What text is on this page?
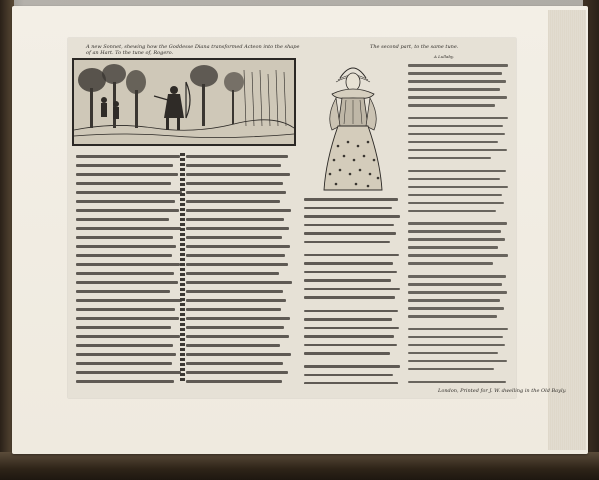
A new Sonnet, shewing how the Goddesse Diana transformed Acteon into the shape of an Hart. To the tune of, Rogero.
The second part, to the same tune.
A Lullaby.
London, Printed for J. W. dwelling in the Old Bayly.
